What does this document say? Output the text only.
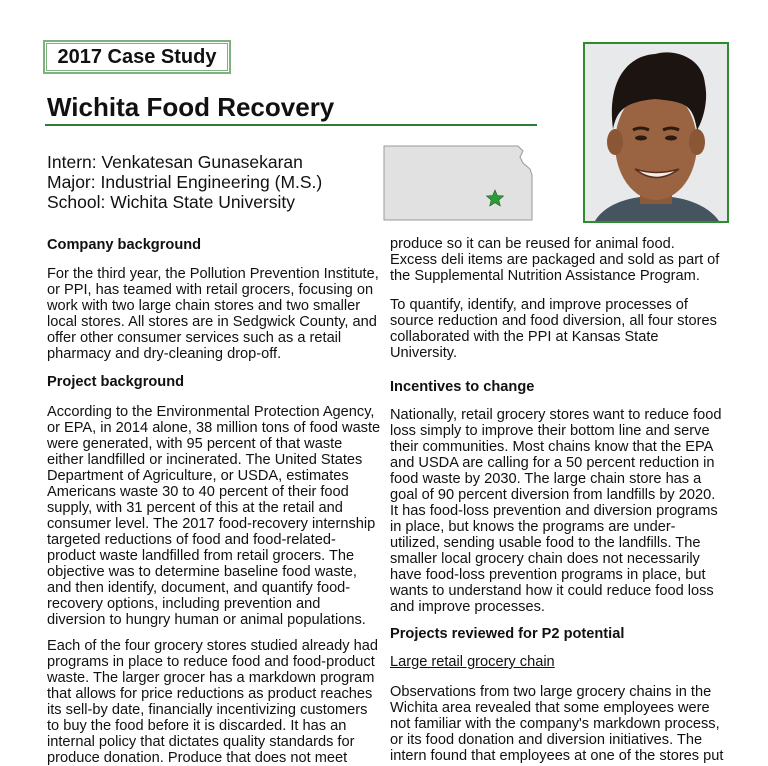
2017 Case Study
Wichita Food Recovery
Intern: Venkatesan Gunasekaran
Major: Industrial Engineering (M.S.)
School: Wichita State University
Company background
For the third year, the Pollution Prevention Institute,
or PPI, has teamed with retail grocers, focusing on
work with two large chain stores and two smaller
local stores. All stores are in Sedgwick County, and
offer other consumer services such as a retail
pharmacy and dry-cleaning drop-off.
Project background
According to the Environmental Protection Agency,
or EPA, in 2014 alone, 38 million tons of food waste
were generated, with 95 percent of that waste
either landfilled or incinerated. The United States
Department of Agriculture, or USDA, estimates
Americans waste 30 to 40 percent of their food
supply, with 31 percent of this at the retail and
consumer level. The 2017 food-recovery internship
targeted reductions of food and food-related-
product waste landfilled from retail grocers. The
objective was to determine baseline food waste,
and then identify, document, and quantify food-
recovery options, including prevention and
diversion to hungry human or animal populations.
Each of the four grocery stores studied already had
programs in place to reduce food and food-product
waste. The larger grocer has a markdown program
that allows for price reductions as product reaches
its sell-by date, financially incentivizing customers
to buy the food before it is discarded. It has an
internal policy that dictates quality standards for
produce donation. Produce that does not meet
produce so it can be reused for animal food.
Excess deli items are packaged and sold as part of
the Supplemental Nutrition Assistance Program.
To quantify, identify, and improve processes of
source reduction and food diversion, all four stores
collaborated with the PPI at Kansas State
University.
Incentives to change
Nationally, retail grocery stores want to reduce food
loss simply to improve their bottom line and serve
their communities. Most chains know that the EPA
and USDA are calling for a 50 percent reduction in
food waste by 2030. The large chain store has a
goal of 90 percent diversion from landfills by 2020.
It has food-loss prevention and diversion programs
in place, but knows the programs are under-
utilized, sending usable food to the landfills. The
smaller local grocery chain does not necessarily
have food-loss prevention programs in place, but
wants to understand how it could reduce food loss
and improve processes.
Projects reviewed for P2 potential
Large retail grocery chain
Observations from two large grocery chains in the
Wichita area revealed that some employees were
not familiar with the company's markdown process,
or its food donation and diversion initiatives. The
intern found that employees at one of the stores put
